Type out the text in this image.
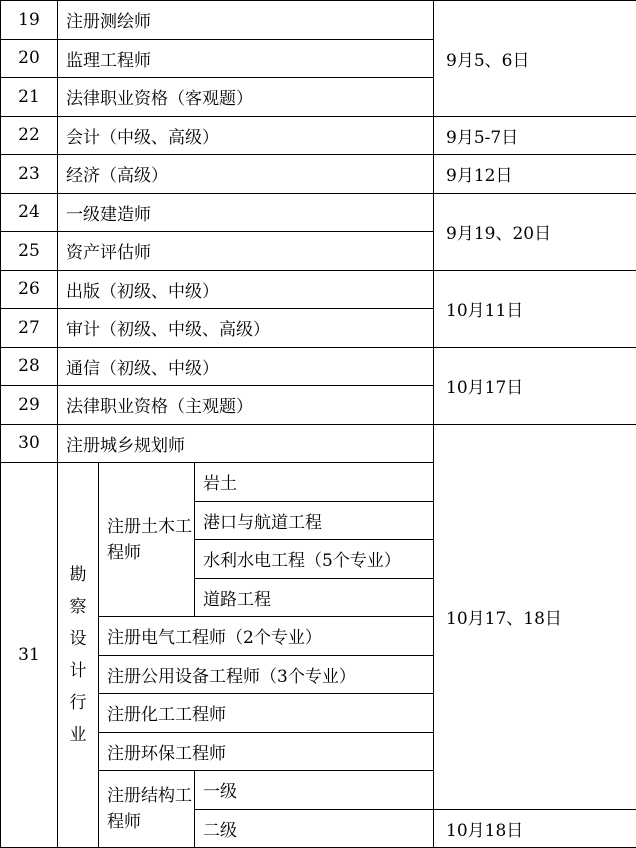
19	注册测绘师			9月5、6日
20	监理工程师			
21	法律职业资格（客观题）			
22	会计（中级、高级）			9月5-7日
23	经济（高级）			9月12日
24	一级建造师			9月19、20日
25	资产评估师			
26	出版（初级、中级）			10月11日
27	审计（初级、中级、高级）			
28	通信（初级、中级）			10月17日
29	法律职业资格（主观题）			
30	注册城乡规划师			10月17、18日
31	勘察设计行业	注册土木工程师	岩土	
			港口与航道工程	
			水利水电工程（5个专业）	
			道路工程	
		注册电气工程师（2个专业）		
		注册公用设备工程师（3个专业）		
		注册化工工程师		
		注册环保工程师		
		注册结构工程师	一级	
			二级	10月18日
